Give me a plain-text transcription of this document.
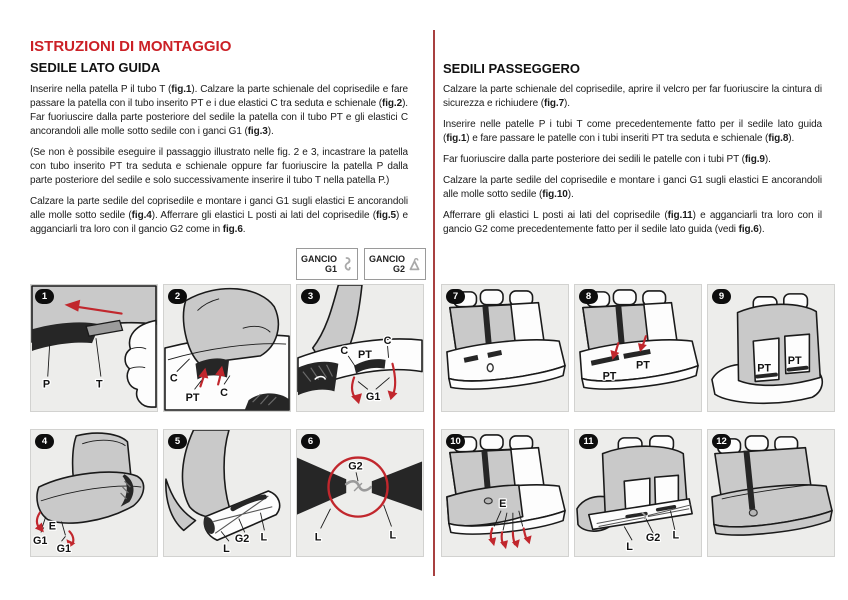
ISTRUZIONI DI MONTAGGIO
SEDILE LATO GUIDA

Inserire nella patella P il tubo T (fig.1). Calzare la parte schienale del coprisedile e fare passare la patella con il tubo inserito PT e i due elastici C tra seduta e schienale (fig.2). Far fuoriuscire dalla parte posteriore del sedile la patella con il tubo PT e gli elastici C ancorandoli alle molle sotto sedile con i ganci G1 (fig.3).

(Se non è possibile eseguire il passaggio illustrato nelle fig. 2 e 3, incastrare la patella con tubo inserito PT tra seduta e schienale oppure far fuoriuscire la patella P dalla parte posteriore del sedile e solo successivamente inserire il tubo T nella patella P.)

Calzare la parte sedile del coprisedile e montare i ganci G1 sugli elastici E ancorandoli alle molle sotto sedile (fig.4). Afferrare gli elastici L posti ai lati del coprisedile (fig.5) e agganciarli tra loro con il gancio G2 come in fig.6.

GANCIO
G1
GANCIO
G2
SEDILI PASSEGGERO

Calzare la parte schienale del coprisedile, aprire il velcro per far fuoriuscire la cintura di sicurezza e richiudere (fig.7).

Inserire nelle patelle P i tubi T come precedentemente fatto per il sedile lato guida (fig.1) e fare passare le patelle con i tubi inseriti PT tra seduta e schienale (fig.8).

Far fuoriuscire dalla parte posteriore dei sedili le patelle con i tubi PT (fig.9).

Calzare la parte sedile del coprisedile e montare i ganci G1 sugli elastici E ancorandoli alle molle sotto sedile (fig.10).

Afferrare gli elastici L posti ai lati del coprisedile (fig.11) e agganciarli tra loro con il gancio G2 come precedentemente fatto per il sedile lato guida (vedi fig.6).

1
P	T
2
C
PT C
3
C PT
C
G1
4
G1
E
G1
5
L
G2 L
6
G2
L	L
7	8
PT
PT
9
PT
PT
10
E
11
L
G2 L
12
